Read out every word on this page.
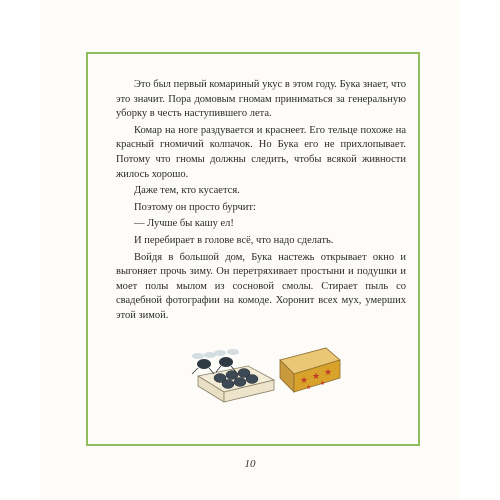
Это был первый комариный укус в этом году. Бука знает, что это значит. Пора домовым гномам приниматься за генеральную уборку в честь наступившего лета.

Комар на ноге раздувается и краснеет. Его тельце похоже на красный гномичий колпачок. Но Бука его не прихлопывает. Потому что гномы должны следить, чтобы всякой живности жилось хорошо.

Даже тем, кто кусается.

Поэтому он просто бурчит:

— Лучше бы кашу ел!

И перебирает в голове всё, что надо сделать.

Войдя в большой дом, Бука настежь открывает окно и выгоняет прочь зиму. Он перетряхивает простыни и подушки и моет полы мылом из сосновой смолы. Стирает пыль со свадебной фотографии на комоде. Хоронит всех мух, умерших этой зимой.

★ ★ ★
★
★
10
